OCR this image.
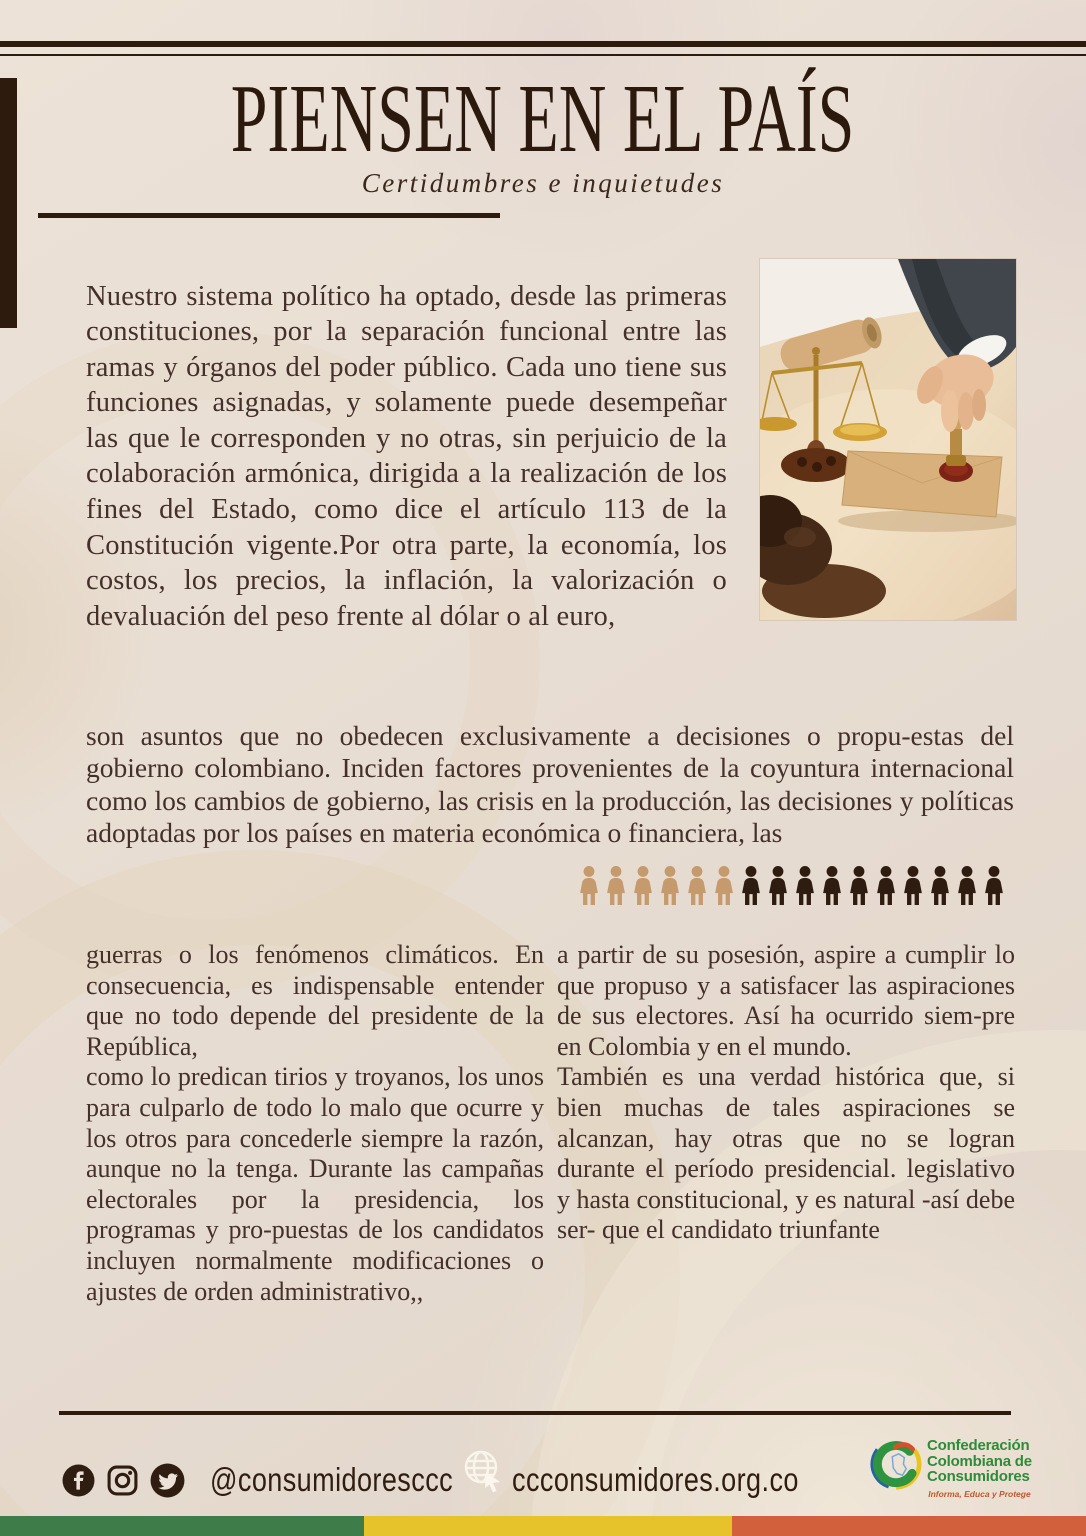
PIENSEN EN EL PAÍS
Certidumbres e inquietudes

Nuestro sistema político ha optado, desde las primeras constituciones, por la separación funcional entre las ramas y órganos del poder público. Cada uno tiene sus funciones asignadas, y solamente puede desempeñar las que le corresponden y no otras, sin perjuicio de la colaboración armónica, dirigida a la realización de los fines del Estado, como dice el artículo 113 de la Constitución vigente.Por otra parte, la economía, los costos, los precios, la inflación, la valorización o devaluación del peso frente al dólar o al euro,

son asuntos que no obedecen exclusivamente a decisiones o propu-estas del gobierno colombiano. Inciden factores provenientes de la coyuntura internacional como los cambios de gobierno, las crisis en la producción, las decisiones y políticas adoptadas por los países en materia económica o financiera, las

guerras o los fenómenos climáticos. En consecuencia, es indispensable entender que no todo depende del presidente de la República,

como lo predican tirios y troyanos, los unos para culparlo de todo lo malo que ocurre y los otros para concederle siempre la razón, aunque no la tenga. Durante las campañas electorales por la presidencia, los programas y pro-puestas de los candidatos incluyen normalmente modificaciones o ajustes de orden administrativo,,

a partir de su posesión, aspire a cumplir lo que propuso y a satisfacer las aspiraciones de sus electores. Así ha ocurrido siem-pre en Colombia y en el mundo.

También es una verdad histórica que, si bien muchas de tales aspiraciones se alcanzan, hay otras que no se logran durante el período presidencial. legislativo y hasta constitucional, y es natural -así debe ser- que el candidato triunfante

@consumidoresccc ccconsumidores.org.co
Confederación
Colombiana de
Consumidores
Informa, Educa y Protege
